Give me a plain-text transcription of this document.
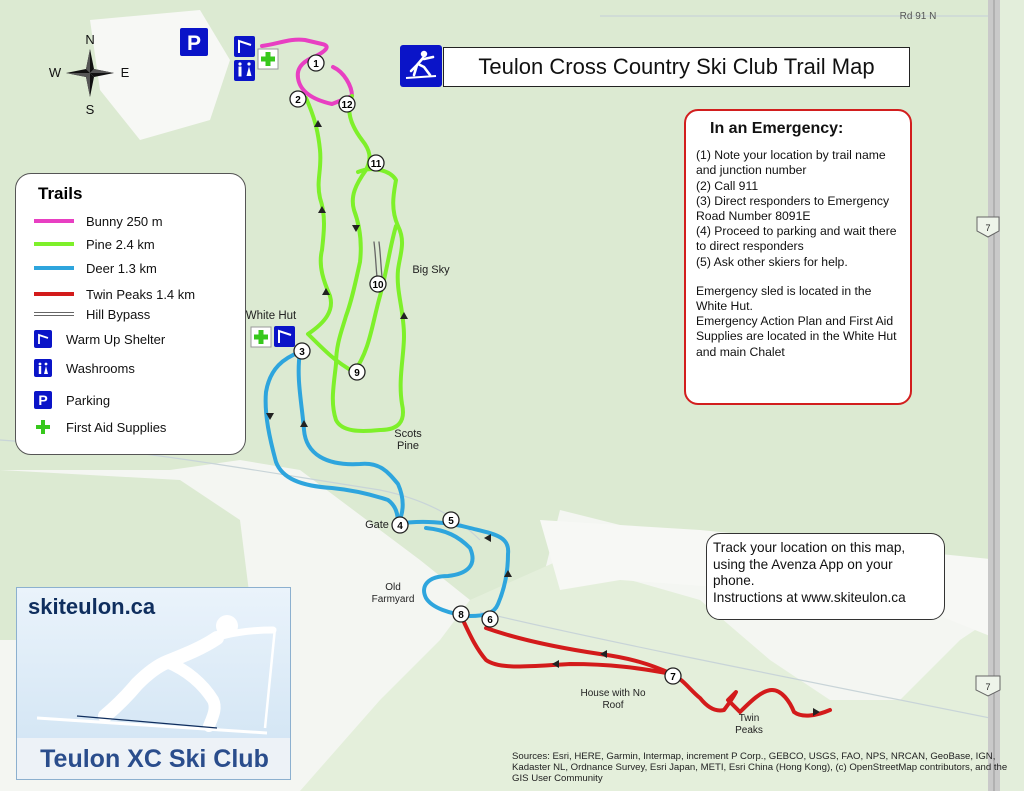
7
7
Rd 91 N
N
S
E
W
P
1
2
3
4	5
6
7
8
9
10
11
12
White Hut
Big Sky
Scots Pine
Gate
Old Farmyard
House with No Roof
Twin Peaks
Teulon Cross Country Ski Club Trail Map
In an Emergency:

(1) Note your location by trail name and junction number

(2) Call 911

(3) Direct responders to Emergency Road Number 8091E

(4) Proceed to parking and wait there to direct responders

(5) Ask other skiers for help.

Emergency sled is located in the White Hut.

Emergency Action Plan and First Aid Supplies are located in the White Hut and main Chalet

Trails
Bunny 250 m
Pine 2.4 km
Deer 1.3 km
Twin Peaks 1.4 km
Hill Bypass
Warm Up Shelter
Washrooms
P	Parking
First Aid Supplies
Track your location on this map,
using the Avenza App on your
phone.
Instructions at www.skiteulon.ca
skiteulon.ca
Teulon XC Ski Club	Sources: Esri, HERE, Garmin, Intermap, increment P Corp., GEBCO, USGS, FAO, NPS, NRCAN, GeoBase, IGN, Kadaster NL, Ordnance Survey, Esri Japan, METI, Esri China (Hong Kong), (c) OpenStreetMap contributors, and the GIS User Community
